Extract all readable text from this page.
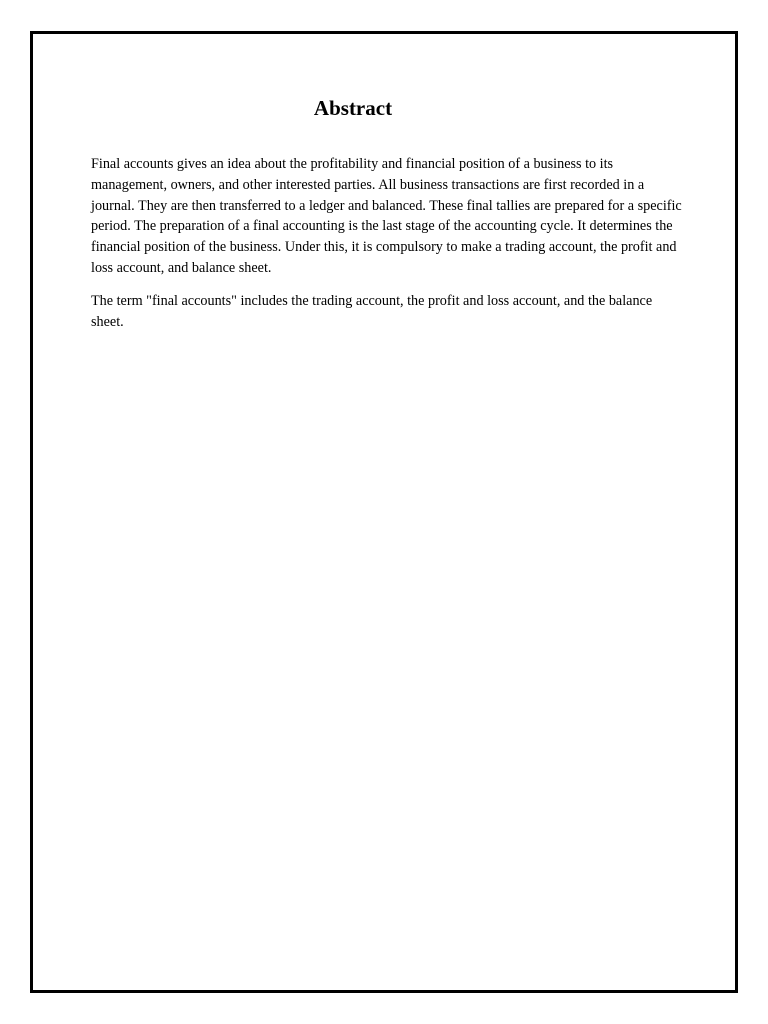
Abstract

Final accounts gives an idea about the profitability and financial position of a business to its management, owners, and other interested parties. All business transactions are first recorded in a journal. They are then transferred to a ledger and balanced. These final tallies are prepared for a specific period. The preparation of a final accounting is the last stage of the accounting cycle. It determines the financial position of the business. Under this, it is compulsory to make a trading account, the profit and loss account, and balance sheet.

The term "final accounts" includes the trading account, the profit and loss account, and the balance sheet.
